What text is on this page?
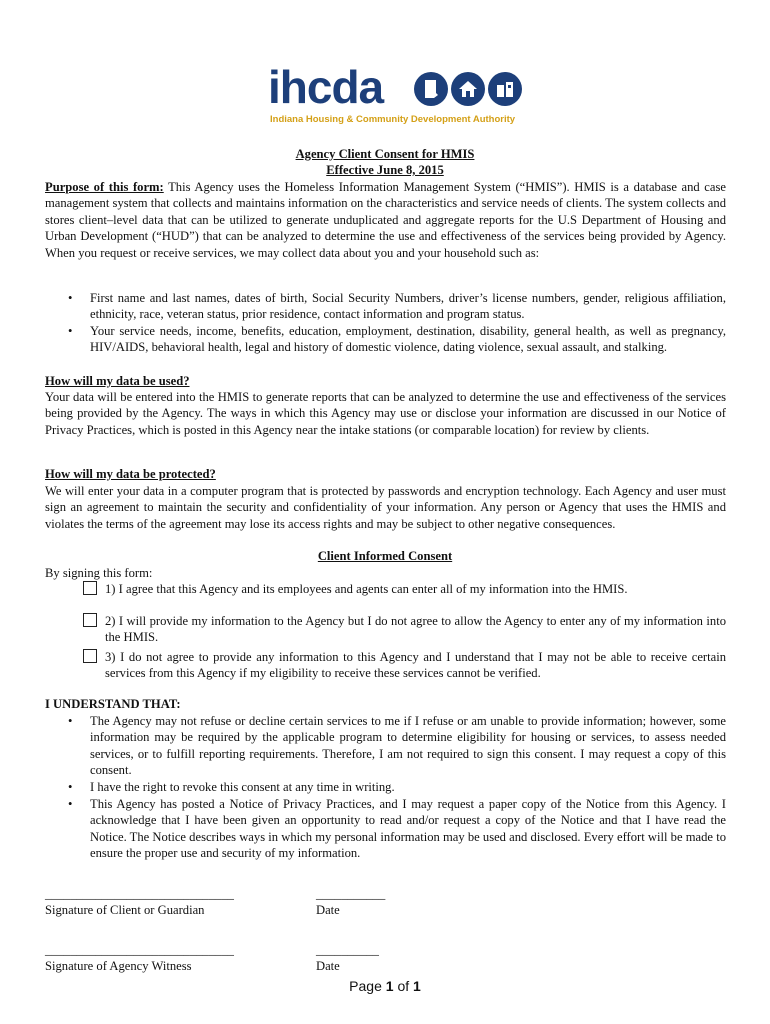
ihcda
Indiana Housing & Community Development Authority
Agency Client Consent for HMIS
Effective June 8, 2015
Purpose of this form: This Agency uses the Homeless Information Management System (“HMIS”). HMIS is a database and case management system that collects and maintains information on the characteristics and service needs of clients. The system collects and stores client–level data that can be utilized to generate unduplicated and aggregate reports for the U.S Department of Housing and Urban Development (“HUD”) that can be analyzed to determine the use and effectiveness of the services being provided by Agency. When you request or receive services, we may collect data about you and your household such as:
•	First name and last names, dates of birth, Social Security Numbers, driver’s license numbers, gender, religious affiliation, ethnicity, race, veteran status, prior residence, contact information and program status.
•	Your service needs, income, benefits, education, employment, destination, disability, general health, as well as pregnancy, HIV/AIDS, behavioral health, legal and history of domestic violence, dating violence, sexual assault, and stalking.
How will my data be used?
Your data will be entered into the HMIS to generate reports that can be analyzed to determine the use and effectiveness of the services being provided by the Agency. The ways in which this Agency may use or disclose your information are discussed in our Notice of Privacy Practices, which is posted in this Agency near the intake stations (or comparable location) for review by clients.
How will my data be protected?
We will enter your data in a computer program that is protected by passwords and encryption technology. Each Agency and user must sign an agreement to maintain the security and confidentiality of your information. Any person or Agency that uses the HMIS and violates the terms of the agreement may lose its access rights and may be subject to other negative consequences.
Client Informed Consent
By signing this form:
1) I agree that this Agency and its employees and agents can enter all of my information into the HMIS.
2) I will provide my information to the Agency but I do not agree to allow the Agency to enter any of my information into the HMIS.
3) I do not agree to provide any information to this Agency and I understand that I may not be able to receive certain services from this Agency if my eligibility to receive these services cannot be verified.
I UNDERSTAND THAT:
•	The Agency may not refuse or decline certain services to me if I refuse or am unable to provide information; however, some information may be required by the applicable program to determine eligibility for housing or services, to assess needed services, or to fulfill reporting requirements. Therefore, I am not required to sign this consent. I may request a copy of this consent.
•	I have the right to revoke this consent at any time in writing.
•	This Agency has posted a Notice of Privacy Practices, and I may request a paper copy of the Notice from this Agency. I acknowledge that I have been given an opportunity to read and/or request a copy of the Notice and that I have read the Notice. The Notice describes ways in which my personal information may be used and disclosed. Every effort will be made to ensure the proper use and security of my information.
______________________________
Signature of Client or Guardian
___________
Date
______________________________
Signature of Agency Witness
__________
Date
Page 1 of 1
